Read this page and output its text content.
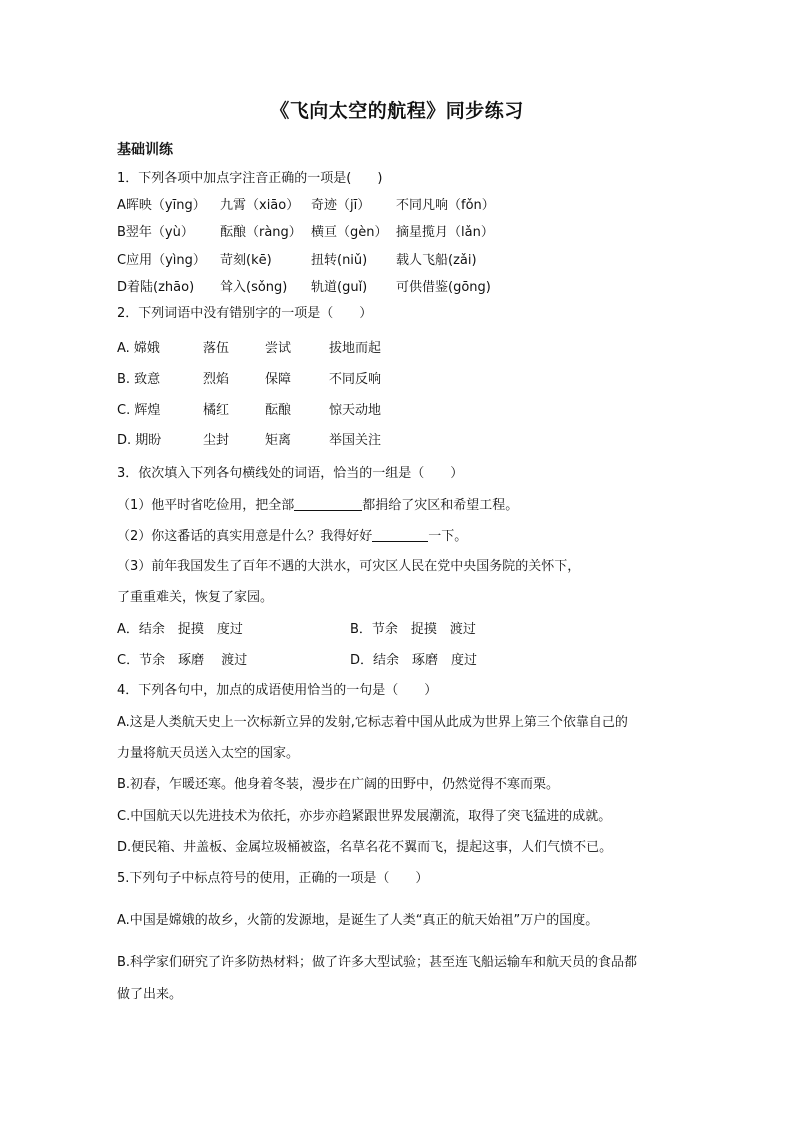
《飞向太空的航程》同步练习
基础训练
1．下列各项中加点字注音正确的一项是(　　)
A晖映（yīng） 九霄（xiāo） 奇迹（jī） 不同凡响（fǒn）
B翌年（yù） 酝酿（ràng） 横亘（gèn） 摘星揽月（lǎn）
C应用（yìng） 苛刻(kē)	扭转(niǔ) 载人飞船(zǎi)
D着陆(zhāo) 耸入(sǒng) 轨道(guǐ) 可供借鉴(gōng)
2．下列词语中没有错别字的一项是（　　）
A. 嫦娥	落伍	尝试	拔地而起
B. 致意	烈焰	保障	不同反响
C. 辉煌	橘红	酝酿	惊天动地
D. 期盼	尘封	矩离	举国关注
3．依次填入下列各句横线处的词语，恰当的一组是（　　）
（1）他平时省吃俭用，把全部	都捐给了灾区和希望工程。
（2）你这番话的真实用意是什么？我得好好	一下。
（3）前年我国发生了百年不遇的大洪水，可灾区人民在党中央国务院的关怀下，
了重重难关，恢复了家园。
A．结余　捉摸　度过	B．节余　捉摸　渡过
C．节余　琢磨　 渡过	D．结余　琢磨　度过
4．下列各句中，加点的成语使用恰当的一句是（　　）
A.这是人类航天史上一次标新立异的发射,它标志着中国从此成为世界上第三个依靠自己的
力量将航天员送入太空的国家。
B.初春，乍暖还寒。他身着冬装，漫步在广阔的田野中，仍然觉得不寒而栗。
C.中国航天以先进技术为依托，亦步亦趋紧跟世界发展潮流，取得了突飞猛进的成就。
D.便民箱、井盖板、金属垃圾桶被盗，名草名花不翼而飞，提起这事，人们气愤不已。
5.下列句子中标点符号的使用，正确的一项是（　　）
A.中国是嫦娥的故乡，火箭的发源地，是诞生了人类“真正的航天始祖”万户的国度。
B.科学家们研究了许多防热材料；做了许多大型试验；甚至连飞船运输车和航天员的食品都
做了出来。
